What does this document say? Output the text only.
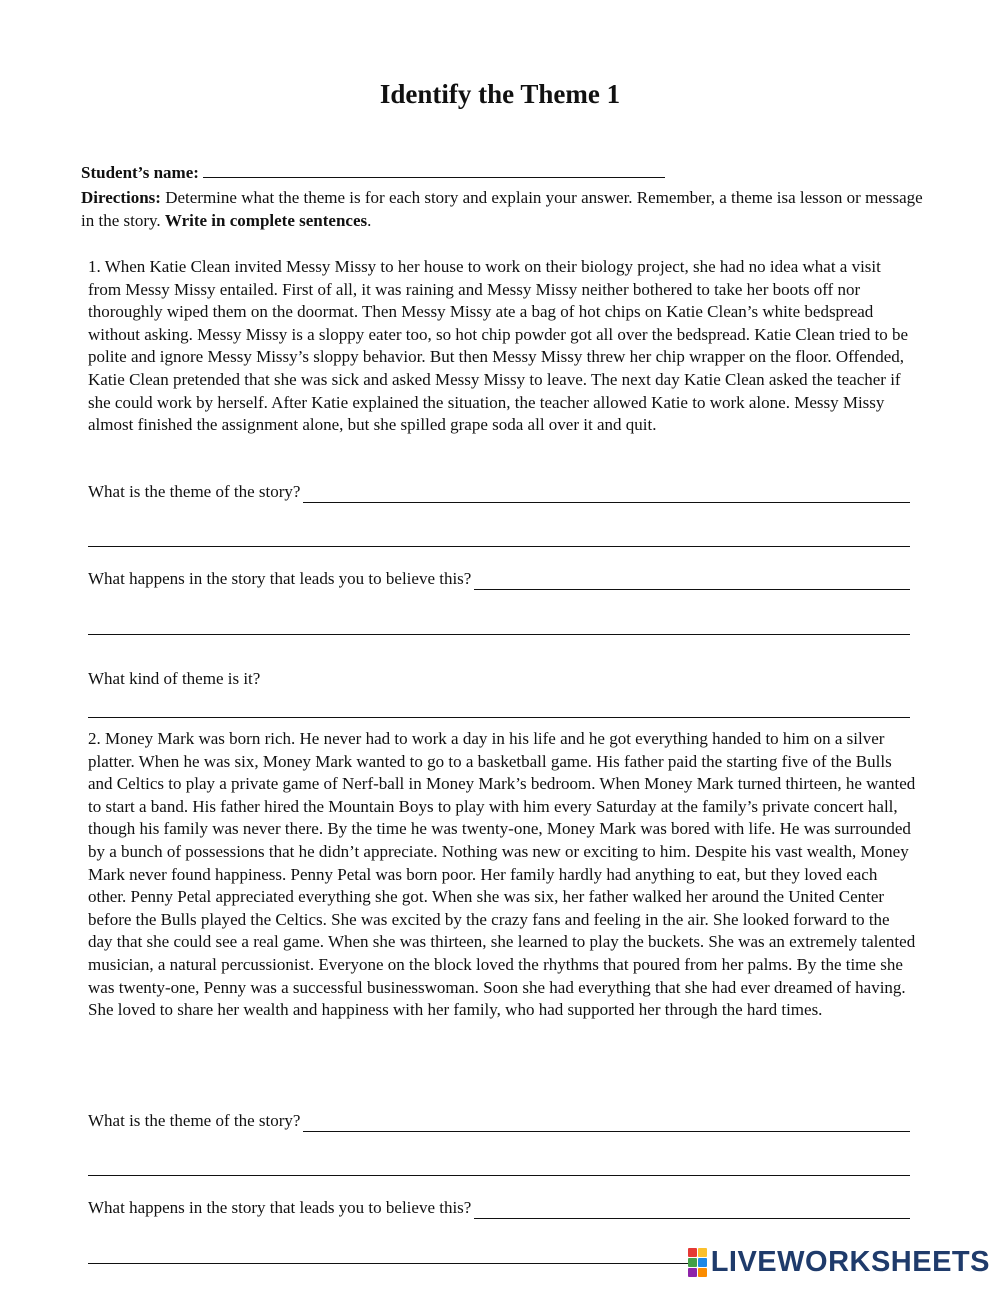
Identify the Theme 1
Student’s name:
Directions: Determine what the theme is for each story and explain your answer. Remember, a theme isa lesson or message in the story. Write in complete sentences.

1. When Katie Clean invited Messy Missy to her house to work on their biology project, she had no idea what a visit from Messy Missy entailed. First of all, it was raining and Messy Missy neither bothered to take her boots off nor thoroughly wiped them on the doormat. Then Messy Missy ate a bag of hot chips on Katie Clean’s white bedspread without asking. Messy Missy is a sloppy eater too, so hot chip powder got all over the bedspread. Katie Clean tried to be polite and ignore Messy Missy’s sloppy behavior. But then Messy Missy threw her chip wrapper on the floor. Offended, Katie Clean pretended that she was sick and asked Messy Missy to leave. The next day Katie Clean asked the teacher if she could work by herself. After Katie explained the situation, the teacher allowed Katie to work alone. Messy Missy almost finished the assignment alone, but she spilled grape soda all over it and quit.

What is the theme of the story?
What happens in the story that leads you to believe this?
What kind of theme is it?

2. Money Mark was born rich. He never had to work a day in his life and he got everything handed to him on a silver platter. When he was six, Money Mark wanted to go to a basketball game. His father paid the starting five of the Bulls and Celtics to play a private game of Nerf-ball in Money Mark’s bedroom. When Money Mark turned thirteen, he wanted to start a band. His father hired the Mountain Boys to play with him every Saturday at the family’s private concert hall, though his family was never there. By the time he was twenty-one, Money Mark was bored with life. He was surrounded by a bunch of possessions that he didn’t appreciate. Nothing was new or exciting to him. Despite his vast wealth, Money Mark never found happiness. Penny Petal was born poor. Her family hardly had anything to eat, but they loved each other. Penny Petal appreciated everything she got. When she was six, her father walked her around the United Center before the Bulls played the Celtics. She was excited by the crazy fans and feeling in the air. She looked forward to the day that she could see a real game. When she was thirteen, she learned to play the buckets. She was an extremely talented musician, a natural percussionist. Everyone on the block loved the rhythms that poured from her palms. By the time she was twenty-one, Penny was a successful businesswoman. Soon she had everything that she had ever dreamed of having. She loved to share her wealth and happiness with her family, who had supported her through the hard times.

What is the theme of the story?
What happens in the story that leads you to believe this?
LIVEWORKSHEETS
